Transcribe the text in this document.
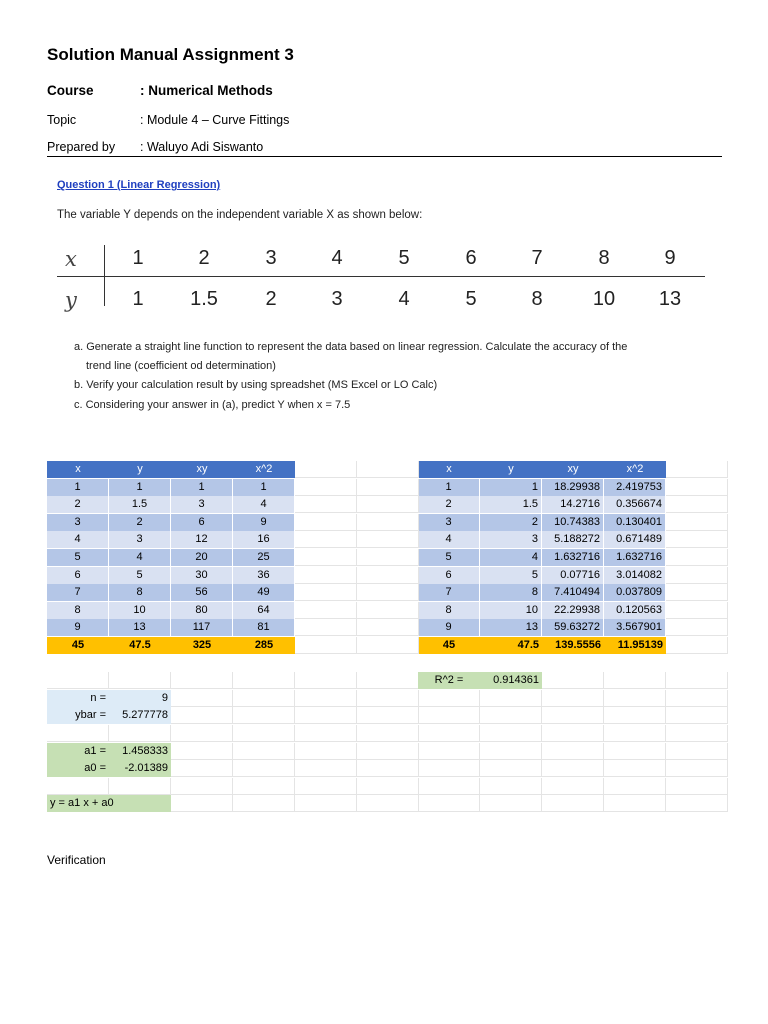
Solution Manual Assignment 3
Course	: Numerical Methods
Topic	: Module 4 – Curve Fittings
Prepared by : Waluyo Adi Siswanto
Question 1 (Linear Regression)
The variable Y depends on the independent variable X as shown below:
x	1	2	3	4	5	6	7	8	9
y	1	1.5	2	3	4	5	8	10	13
a. Generate a straight line function to represent the data based on linear regression. Calculate the accuracy of the
trend line (coefficient od determination)
b. Verify your calculation result by using spreadshet (MS Excel or LO Calc)
c. Considering your answer in (a), predict Y when x = 7.5
x	y	xy	x^2
1	1	1	1
2	1.5	3	4
3	2	6	9
4	3	12	16
5	4	20	25
6	5	30	36
7	8	56	49
8	10	80	64
9	13	117	81
45	47.5	325	285
x	y	xy	x^2
1	1	18.29938	2.419753
2	1.5	14.2716	0.356674
3	2	10.74383	0.130401
4	3	5.188272	0.671489
5	4	1.632716	1.632716
6	5	0.07716	3.014082
7	8	7.410494	0.037809
8	10	22.29938	0.120563
9	13	59.63272	3.567901
45	47.5	139.5556	11.95139
R^2 =	0.914361
n =	9
ybar =	5.277778
a1 =	1.458333
a0 =	-2.01389
y = a1 x + a0
Verification
